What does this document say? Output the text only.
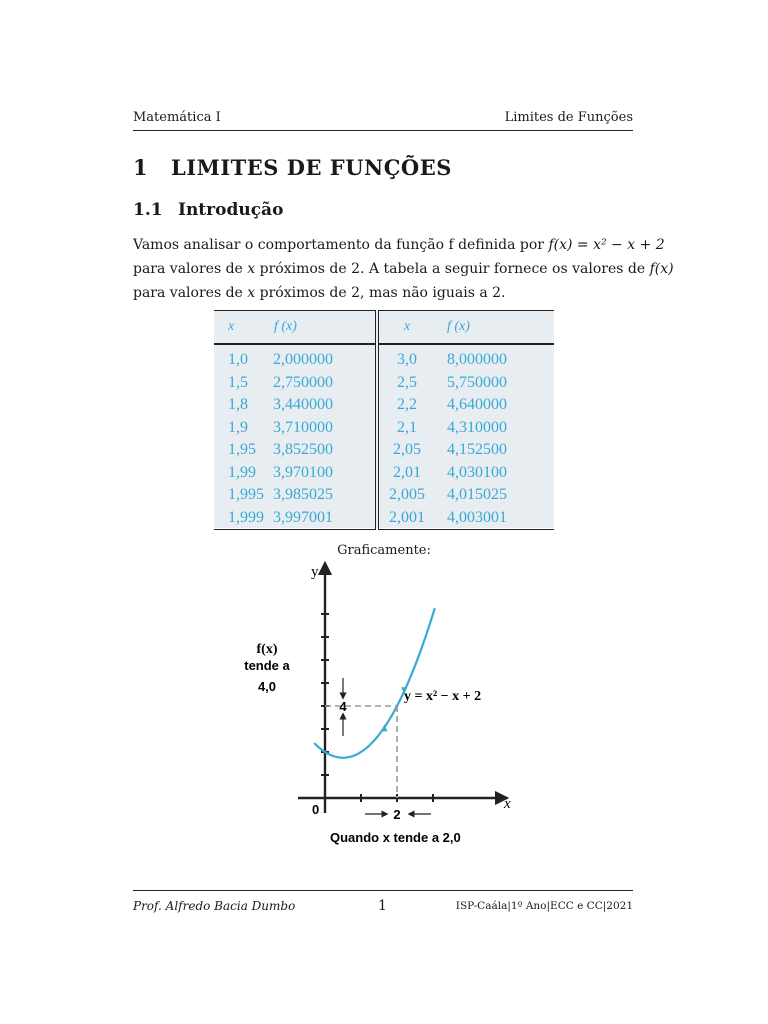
Matemática I	Limites de Funções
1 LIMITES DE FUNÇÕES
1.1 Introdução
Vamos analisar o comportamento da função f definida por f(x) = x² − x + 2
para valores de x próximos de 2. A tabela a seguir fornece os valores de f(x)
para valores de x próximos de 2, mas não iguais a 2.
x	f (x)	x	f (x)
1,0	2,000000	3,0	8,000000
1,5	2,750000	2,5	5,750000
1,8	3,440000	2,2	4,640000
1,9	3,710000	2,1	4,310000
1,95	3,852500	2,05	4,152500
1,99	3,970100	2,01	4,030100
1,995	3,985025	2,005	4,015025
1,999	3,997001	2,001	4,003001
Graficamente:
y
x
0
4
2
y = x² − x + 2
f(x)
tende a
4,0
Quando x tende a 2,0
Prof. Alfredo Bacia Dumbo	1	ISP-Caála|1º Ano|ECC e CC|2021
